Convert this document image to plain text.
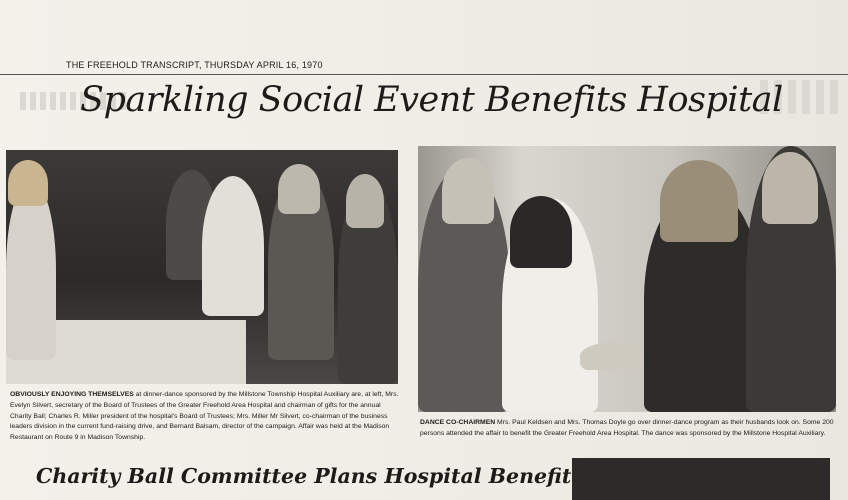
THE FREEHOLD TRANSCRIPT, THURSDAY APRIL 16, 1970
Sparkling Social Event Benefits Hospital
OBVIOUSLY ENJOYING THEMSELVES at dinner-dance sponsored by the Millstone Township Hospital Auxiliary are, at left, Mrs. Evelyn Silvert, secretary of the Board of Trustees of the Greater Freehold Area Hospital and chairman of gifts for the annual Charity Ball; Charles R. Miller president of the hospital's Board of Trustees; Mrs. Miller Mr Silvert, co-chairman of the business leaders division in the current fund-raising drive, and Bernard Balsam, director of the campaign. Affair was held at the Madison Restaurant on Route 9 in Madison Township.
DANCE CO-CHAIRMEN Mrs. Paul Keldsen and Mrs. Thomas Doyle go over dinner-dance program as their husbands look on. Some 200 persons attended the affair to benefit the Greater Freehold Area Hospital. The dance was sponsored by the Millstone Hospital Auxiliary.
Charity Ball Committee Plans Hospital Benefit
